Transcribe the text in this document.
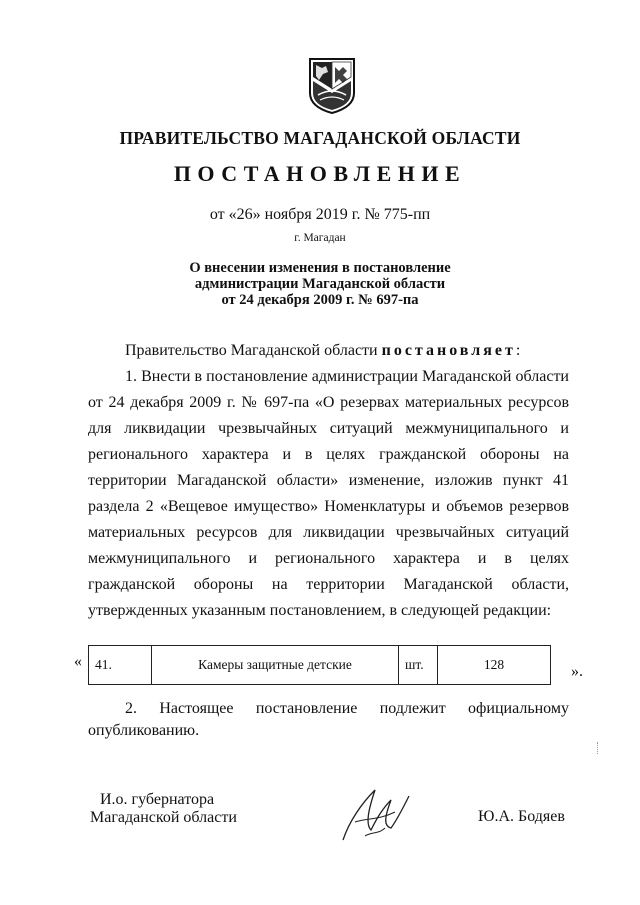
ПРАВИТЕЛЬСТВО МАГАДАНСКОЙ ОБЛАСТИ
ПОСТАНОВЛЕНИЕ
от «26» ноября 2019 г. № 775-пп
г. Магадан
О внесении изменения в постановление
администрации Магаданской области
от 24 декабря 2009 г. № 697-па

Правительство Магаданской области постановляет:

1. Внести в постановление администрации Магаданской области от 24 декабря 2009 г. № 697-па «О резервах материальных ресурсов для ликвидации чрезвычайных ситуаций межмуниципального и регионального характера и в целях гражданской обороны на территории Магаданской области» изменение, изложив пункт 41 раздела 2 «Вещевое имущество» Номенклатуры и объемов резервов материальных ресурсов для ликвидации чрезвычайных ситуаций межмуниципального и регионального характера и в целях гражданской обороны на территории Магаданской области, утвержденных указанным постановлением, в следующей редакции:

« 41.	Камеры защитные детские	шт.	128	».

2. Настоящее постановление подлежит официальному опубликованию.

И.о. губернатора
Магаданской области	Ю.А. Бодяев
